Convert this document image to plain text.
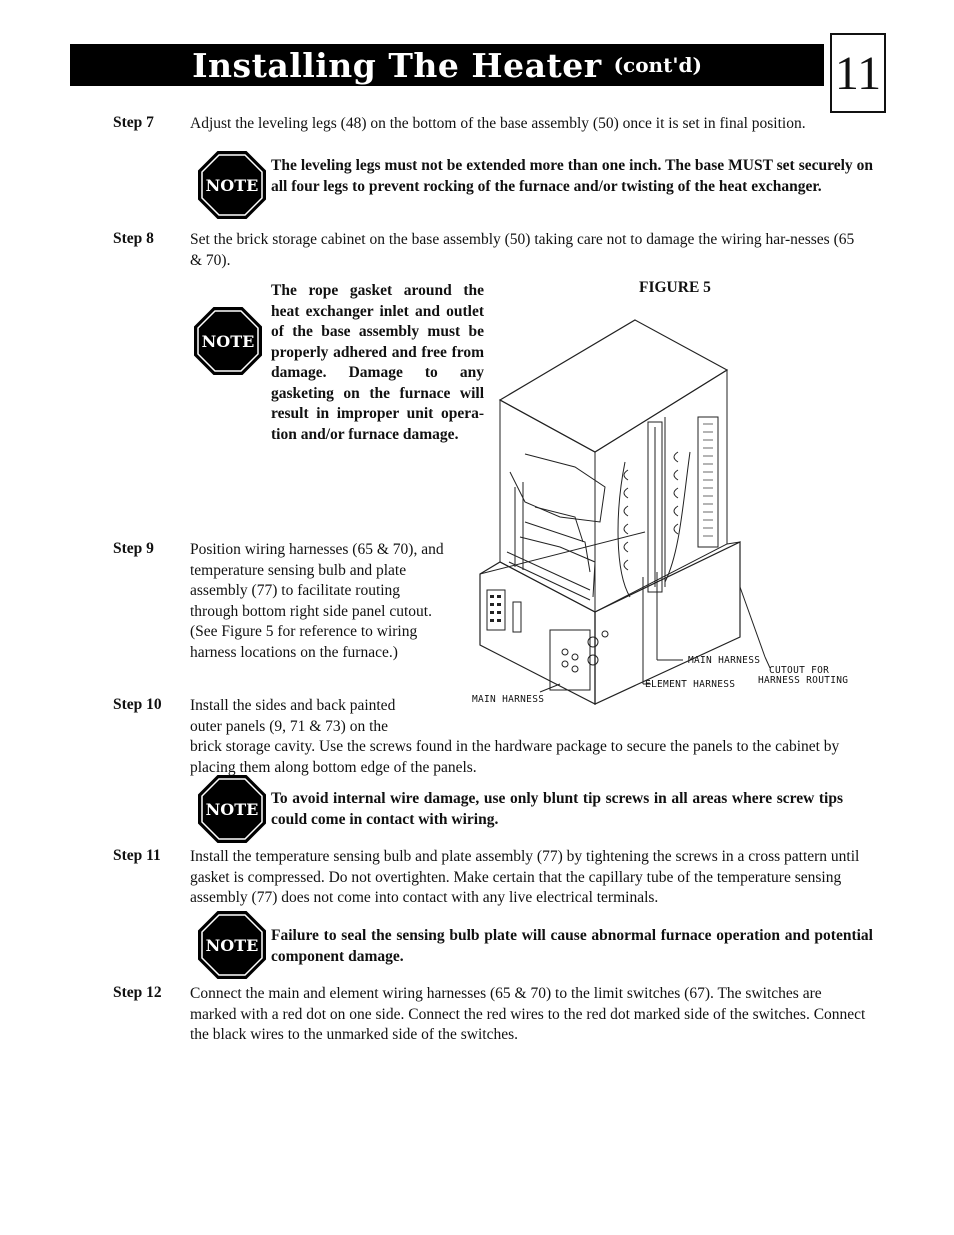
Installing The Heater (cont'd)	11
Step 7 Adjust the leveling legs (48) on the bottom of the base assembly (50) once it is set in final position.
NOTE
The leveling legs must not be extended more than one inch. The base MUST set securely on all four legs to prevent rocking of the furnace and/or twisting of the heat exchanger.
Step 8 Set the brick storage cabinet on the base assembly (50) taking care not to damage the wiring har-nesses (65 & 70).
NOTE
The rope gasket around the heat exchanger inlet and outlet of the base assembly must be properly adhered and free from damage. Damage to any gasketing on the furnace will result in improper unit opera-tion and/or furnace damage.
FIGURE 5
MAIN HARNESS
CUTOUT FOR
HARNESS ROUTING
ELEMENT HARNESS
MAIN HARNESS
Step 9 Position wiring harnesses (65 & 70), and temperature sensing bulb and plate assembly (77) to facilitate routing through bottom right side panel cutout. (See Figure 5 for reference to wiring harness locations on the furnace.)
Step 10 Install the sides and back painted outer panels (9, 71 & 73) on the
brick storage cavity. Use the screws found in the hardware package to secure the panels to the cabinet by placing them along bottom edge of the panels.
NOTE
To avoid internal wire damage, use only blunt tip screws in all areas where screw tips could come in contact with wiring.
Step 11 Install the temperature sensing bulb and plate assembly (77) by tightening the screws in a cross pattern until gasket is compressed. Do not overtighten. Make certain that the capillary tube of the temperature sensing assembly (77) does not come into contact with any live electrical terminals.
NOTE
Failure to seal the sensing bulb plate will cause abnormal furnace operation and potential component damage.
Step 12 Connect the main and element wiring harnesses (65 & 70) to the limit switches (67). The switches are marked with a red dot on one side. Connect the red wires to the red dot marked side of the switches. Connect the black wires to the unmarked side of the switches.
